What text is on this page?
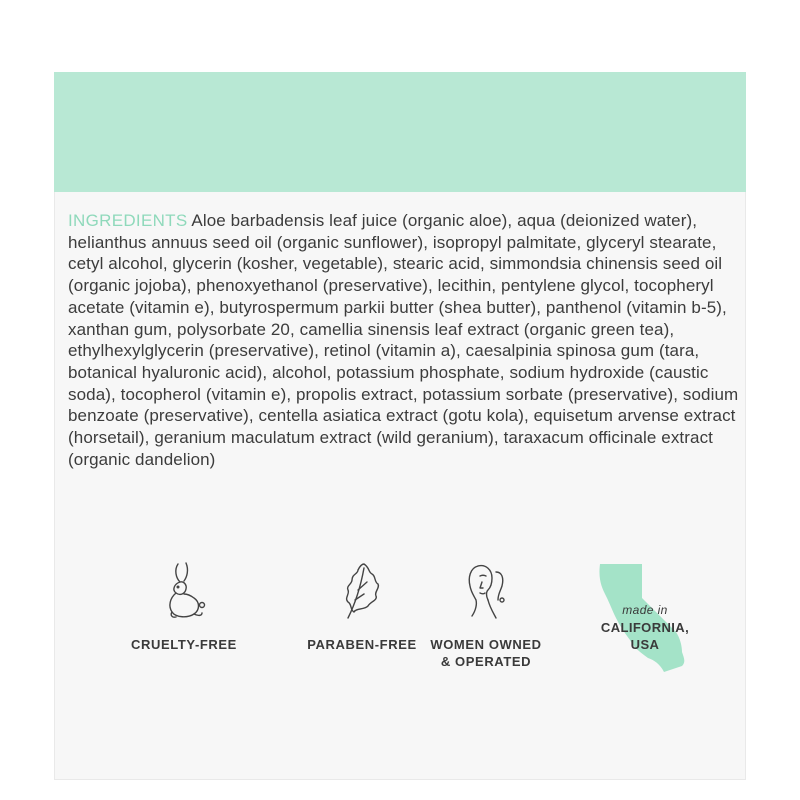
INGREDIENTS Aloe barbadensis leaf juice (organic aloe), aqua (deionized water), helianthus annuus seed oil (organic sunflower), isopropyl palmitate, glyceryl stearate, cetyl alcohol, glycerin (kosher, vegetable), stearic acid, simmondsia chinensis seed oil (organic jojoba), phenoxyethanol (preservative), lecithin, pentylene glycol, tocopheryl acetate (vitamin e), butyrospermum parkii butter (shea butter), panthenol (vitamin b-5), xanthan gum, polysorbate 20, camellia sinensis leaf extract (organic green tea), ethylhexylglycerin (preservative), retinol (vitamin a), caesalpinia spinosa gum (tara, botanical hyaluronic acid), alcohol, potassium phosphate, sodium hydroxide (caustic soda), tocopherol (vitamin e), propolis extract, potassium sorbate (preservative), sodium benzoate (preservative), centella asiatica extract (gotu kola), equisetum arvense extract (horsetail), geranium maculatum extract (wild geranium), taraxacum officinale extract (organic dandelion)

CRUELTY-FREE	PARABEN-FREE	WOMEN OWNED
& OPERATED
made in
CALIFORNIA,
USA
